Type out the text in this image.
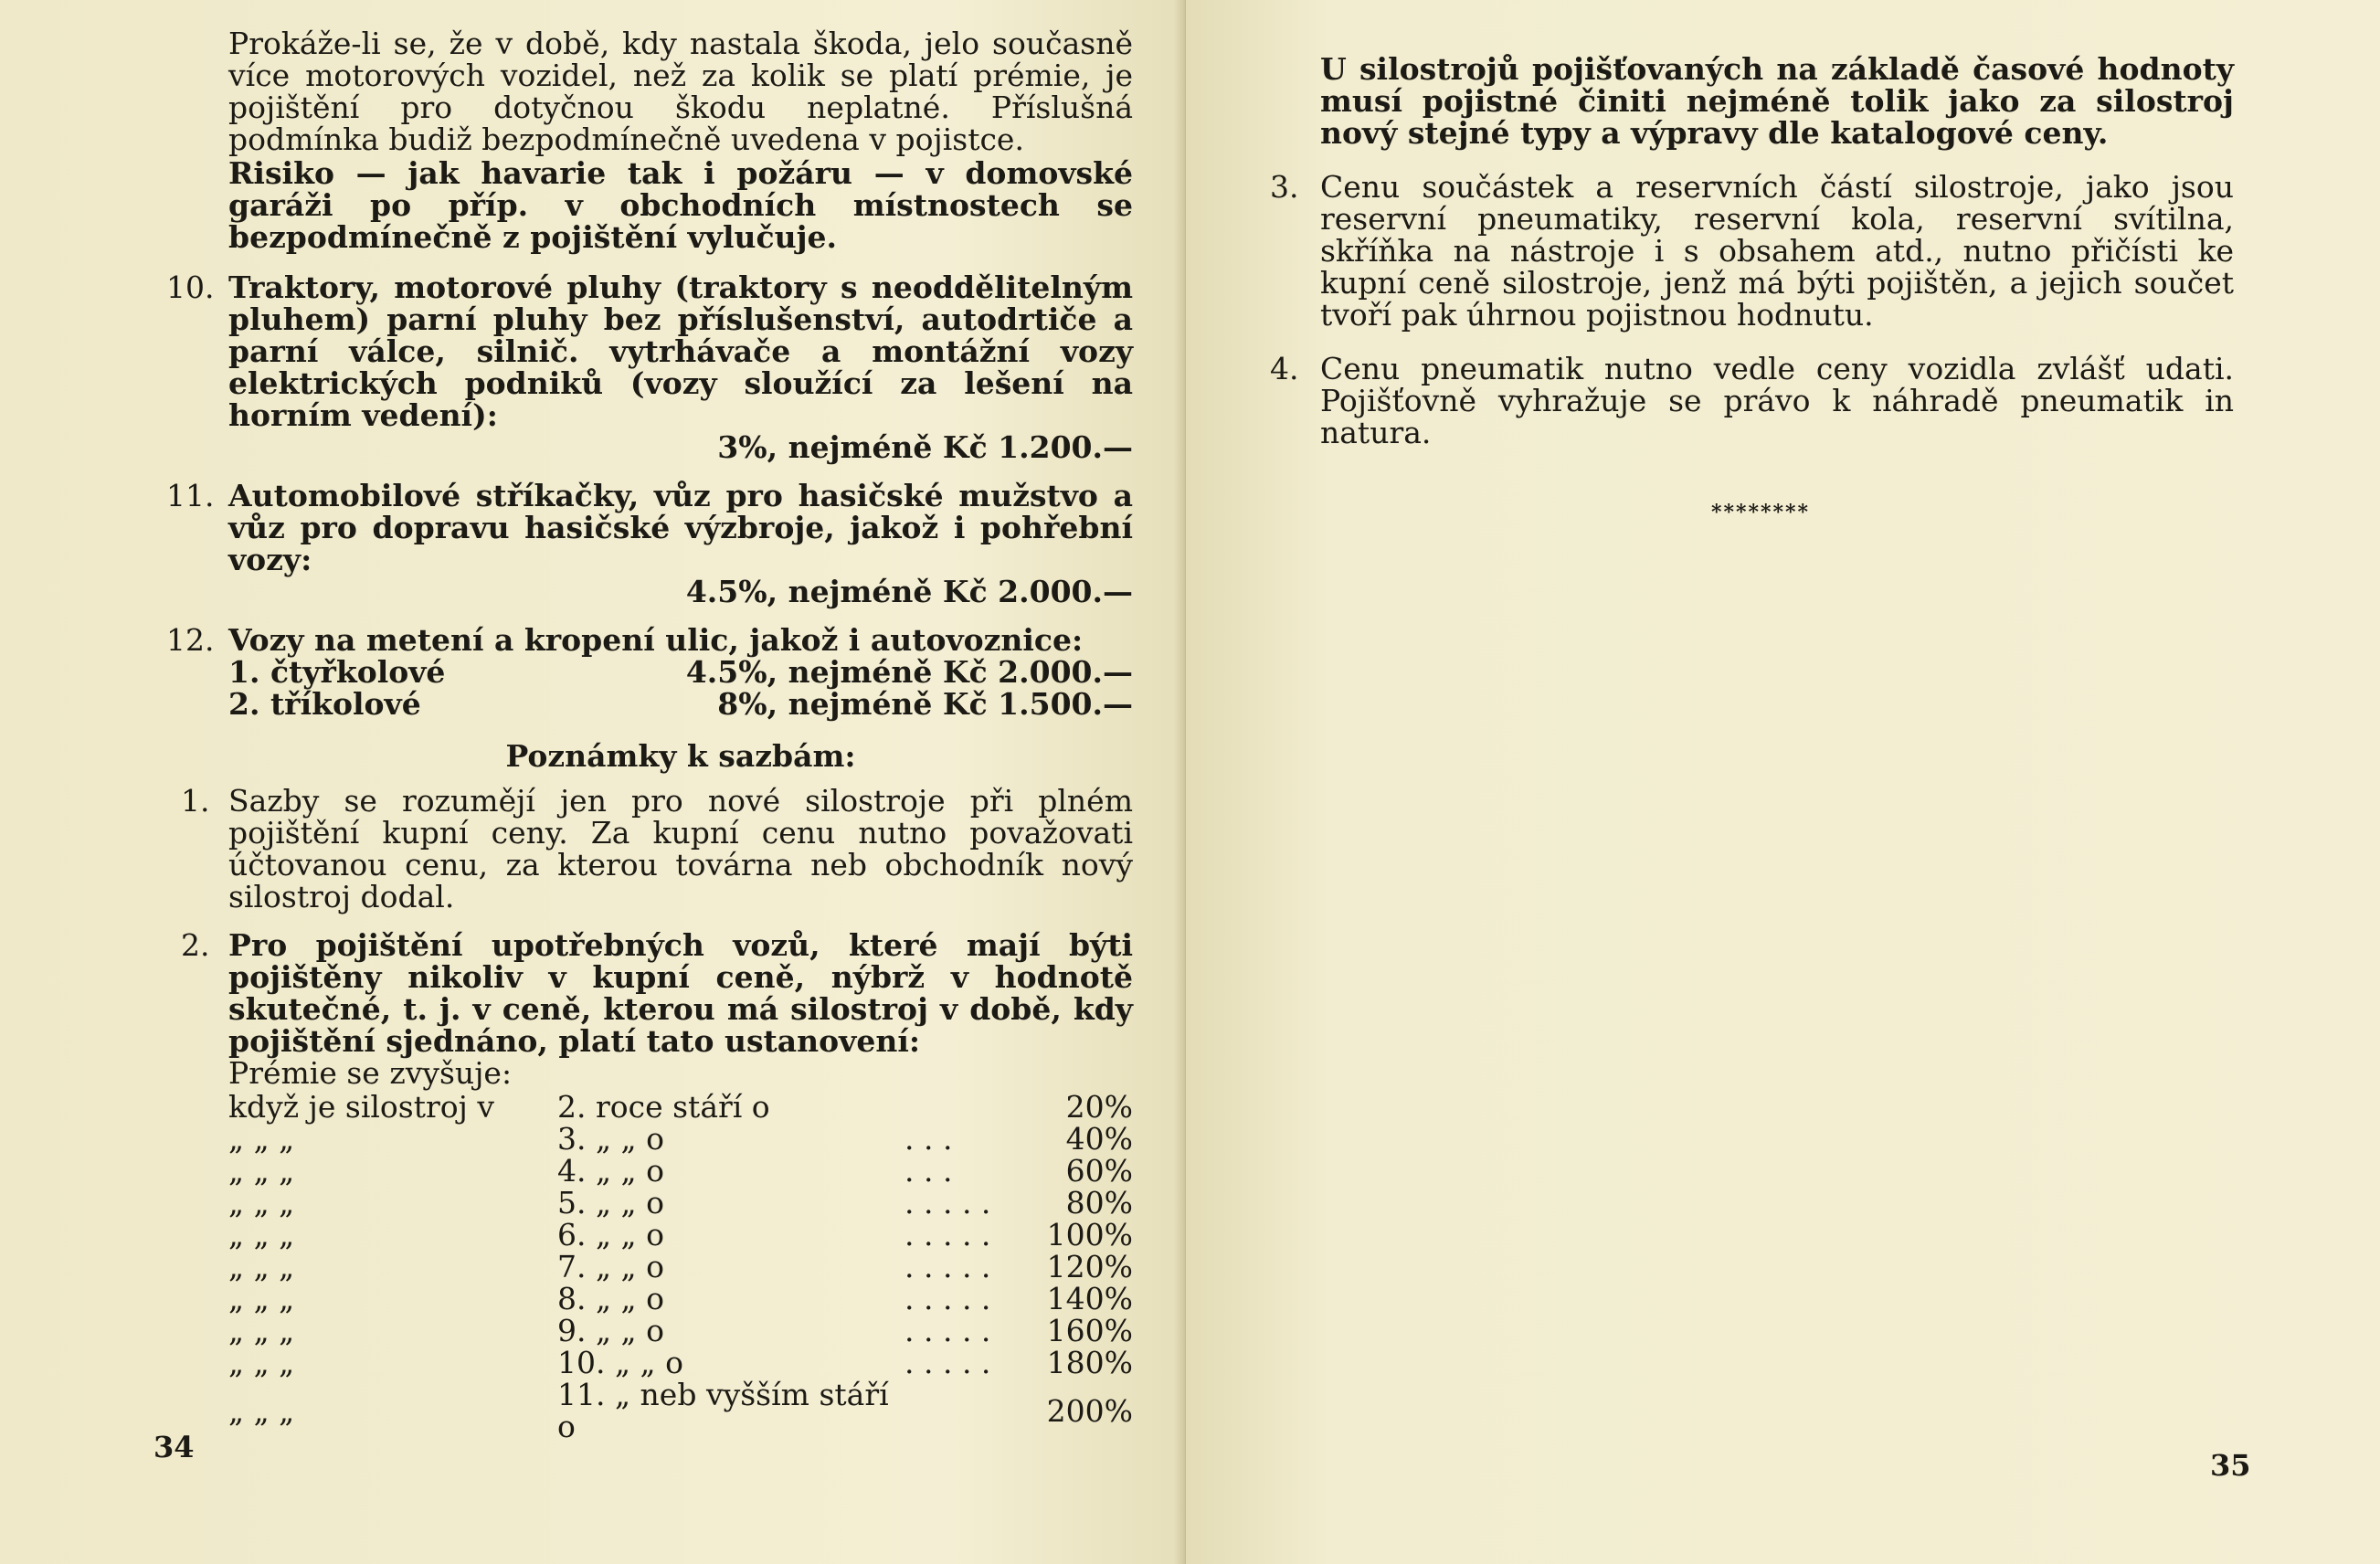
Prokáže-li se, že v době, kdy nastala škoda, jelo současně více motorových vozidel, než za kolik se platí prémie, je pojištění pro dotyčnou škodu neplatné. Příslušná podmínka budiž bezpodmínečně uvedena v pojistce.

Risiko — jak havarie tak i požáru — v domovské garáži po příp. v obchodních místnostech se bezpodmínečně z pojištění vylučuje.

10. Traktory, motorové pluhy (traktory s neoddělitelným pluhem) parní pluhy bez příslušenství, autodrtiče a parní válce, silnič. vytrhávače a montážní vozy elektrických podniků (vozy sloužící za lešení na horním vedení):

3%, nejméně Kč 1.200.—

11. Automobilové stříkačky, vůz pro hasičské mužstvo a vůz pro dopravu hasičské výzbroje, jakož i pohřební vozy:

4.5%, nejméně Kč 2.000.—

12. Vozy na metení a kropení ulic, jakož i autovoznice:

1. čtyřkolové	4.5%, nejméně Kč 2.000.—
2. tříkolové	8%, nejméně Kč 1.500.—

Poznámky k sazbám:

1. Sazby se rozumějí jen pro nové silostroje při plném pojištění kupní ceny. Za kupní cenu nutno považovati účtovanou cenu, za kterou továrna neb obchodník nový silostroj dodal.

2. Pro pojištění upotřebných vozů, které mají býti pojištěny nikoliv v kupní ceně, nýbrž v hodnotě skutečné, t. j. v ceně, kterou má silostroj v době, kdy pojištění sjednáno, platí tato ustanovení:

Prémie se zvyšuje:

když je silostroj v	2. roce stáří o		20%
„ „ „	3. „ „ o	. . .	40%
„ „ „	4. „ „ o	. . .	60%
„ „ „	5. „ „ o	. . . . .	80%
„ „ „	6. „ „ o	. . . . .	100%
„ „ „	7. „ „ o	. . . . .	120%
„ „ „	8. „ „ o	. . . . .	140%
„ „ „	9. „ „ o	. . . . .	160%
„ „ „	10. „ „ o	. . . . .	180%
„ „ „	11. „ neb vyšším stáří o		200%
34

U silostrojů pojišťovaných na základě časové hodnoty musí pojistné činiti nejméně tolik jako za silostroj nový stejné typy a výpravy dle katalogové ceny.

3. Cenu součástek a reservních částí silostroje, jako jsou reservní pneumatiky, reservní kola, reservní svítilna, skříňka na nástroje i s obsahem atd., nutno přičísti ke kupní ceně silostroje, jenž má býti pojištěn, a jejich součet tvoří pak úhrnou pojistnou hodnutu.

4. Cenu pneumatik nutno vedle ceny vozidla zvlášť udati. Pojišťovně vyhražuje se právo k náhradě pneumatik in natura.

********
35
